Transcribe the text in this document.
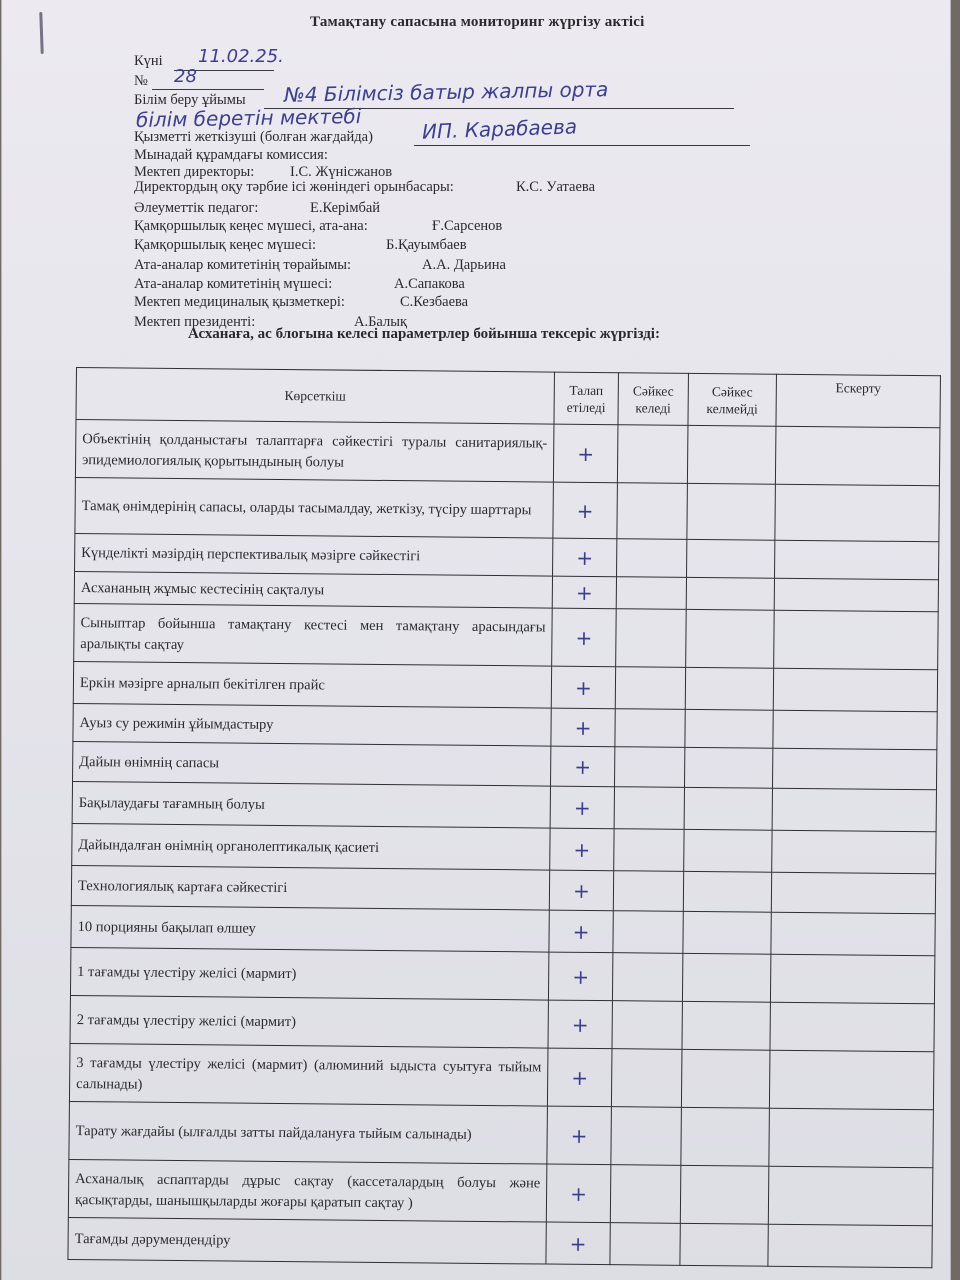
Тамақтану сапасына мониторинг жүргізу актісі
Күні 11.02.25.
№ 28
Білім беру ұйымы №4 Білімсіз батыр жалпы орта
білім беретін мектебі
Қызметті жеткізуші (болған жағдайда) ИП. Карабаева
Мынадай құрамдағы комиссия:
Мектеп директоры: І.С. Жүнісжанов
Директордың оқу тәрбие ісі жөніндегі орынбасары:	К.С. Уатаева
Әлеуметтік педагог:	Е.Керімбай
Қамқоршылық кеңес мүшесі, ата-ана:	Ғ.Сарсенов
Қамқоршылық кеңес мүшесі:	Б.Қауымбаев
Ата-аналар комитетінің төрайымы:	А.А. Дарьина
Ата-аналар комитетінің мүшесі:	А.Сапакова
Мектеп медициналық қызметкері:	С.Кезбаева
Мектеп президенті:	А.Балық
Асханаға, ас блогына келесі параметрлер бойынша тексеріс жүргізді:
Көрсеткіш	Талап етіледі	Сәйкес келеді	Сәйкес келмейді	Ескерту
Объектінің қолданыстағы талаптарға сәйкестігі туралы санитариялық-эпидемиологиялық қорытындының болуы	+			
Тамақ өнімдерінің сапасы, оларды тасымалдау, жеткізу, түсіру шарттары	+			
Күнделікті мәзірдің перспективалық мәзірге сәйкестігі	+			
Асхананың жұмыс кестесінің сақталуы	+			
Сыныптар бойынша тамақтану кестесі мен тамақтану арасындағы аралықты сақтау	+			
Еркін мәзірге арналып бекітілген прайс	+			
Ауыз су режимін ұйымдастыру	+			
Дайын өнімнің сапасы	+			
Бақылаудағы тағамның болуы	+			
Дайындалған өнімнің органолептикалық қасиеті	+			
Технологиялық картаға сәйкестігі	+			
10 порцияны бақылап өлшеу	+			
1 тағамды үлестіру желісі (мармит)	+			
2 тағамды үлестіру желісі (мармит)	+			
3 тағамды үлестіру желісі (мармит) (алюминий ыдыста суытуға тыйым салынады)	+			
Тарату жағдайы (ылғалды затты пайдалануға тыйым салынады)	+			
Асханалық аспаптарды дұрыс сақтау (кассеталардың болуы және қасықтарды, шанышқыларды жоғары қаратып сақтау )	+			
Тағамды дәрумендендіру	+			
